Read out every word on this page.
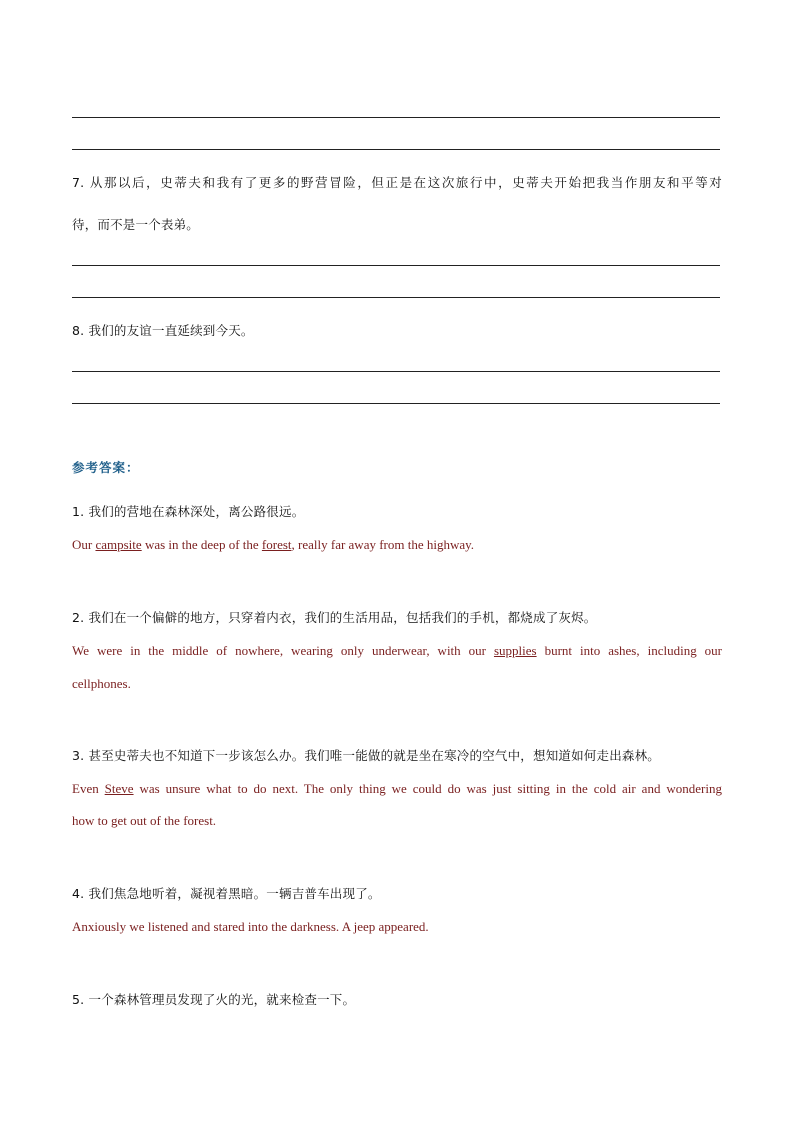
7. 从那以后，史蒂夫和我有了更多的野营冒险，但正是在这次旅行中，史蒂夫开始把我当作朋友和平等对
待，而不是一个表弟。
8. 我们的友谊一直延续到今天。
参考答案：
1. 我们的营地在森林深处，离公路很远。
Our campsite was in the deep of the forest, really far away from the highway.
2. 我们在一个偏僻的地方，只穿着内衣，我们的生活用品，包括我们的手机，都烧成了灰烬。
We were in the middle of nowhere, wearing only underwear, with our supplies burnt into ashes, including our
cellphones.
3. 甚至史蒂夫也不知道下一步该怎么办。我们唯一能做的就是坐在寒冷的空气中，想知道如何走出森林。
Even Steve was unsure what to do next. The only thing we could do was just sitting in the cold air and wondering
how to get out of the forest.
4. 我们焦急地听着，凝视着黑暗。一辆吉普车出现了。
Anxiously we listened and stared into the darkness. A jeep appeared.
5. 一个森林管理员发现了火的光，就来检查一下。
